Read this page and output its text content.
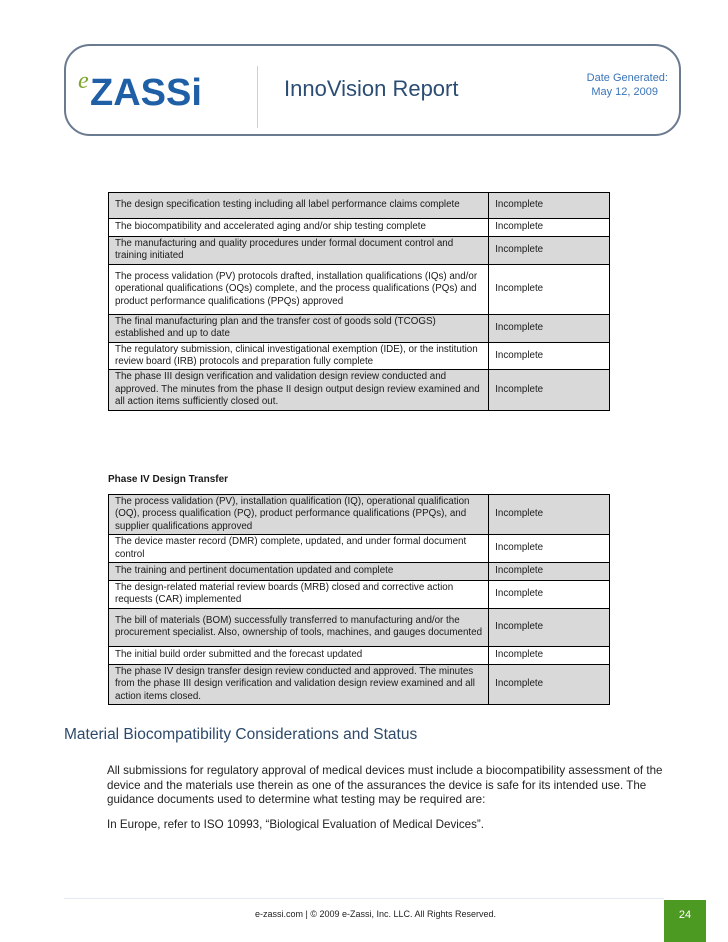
e ZASSi	InnoVision Report	Date Generated:
May 12, 2009
The design specification testing including all label performance claims complete	Incomplete
The biocompatibility and accelerated aging and/or ship testing complete	Incomplete
The manufacturing and quality procedures under formal document control and training initiated	Incomplete
The process validation (PV) protocols drafted, installation qualifications (IQs) and/or operational qualifications (OQs) complete, and the process qualifications (PQs) and product performance qualifications (PPQs) approved	Incomplete
The final manufacturing plan and the transfer cost of goods sold (TCOGS) established and up to date	Incomplete
The regulatory submission, clinical investigational exemption (IDE), or the institution review board (IRB) protocols and preparation fully complete	Incomplete
The phase III design verification and validation design review conducted and approved. The minutes from the phase II design output design review examined and all action items sufficiently closed out.	Incomplete
Phase IV Design Transfer
The process validation (PV), installation qualification (IQ), operational qualification (OQ), process qualification (PQ), product performance qualifications (PPQs), and supplier qualifications approved	Incomplete
The device master record (DMR) complete, updated, and under formal document control	Incomplete
The training and pertinent documentation updated and complete	Incomplete
The design-related material review boards (MRB) closed and corrective action requests (CAR) implemented	Incomplete
The bill of materials (BOM) successfully transferred to manufacturing and/or the procurement specialist. Also, ownership of tools, machines, and gauges documented	Incomplete
The initial build order submitted and the forecast updated	Incomplete
The phase IV design transfer design review conducted and approved. The minutes from the phase III design verification and validation design review examined and all action items closed.	Incomplete
Material Biocompatibility Considerations and Status
All submissions for regulatory approval of medical devices must include a biocompatibility assessment of the device and the materials use therein as one of the assurances the device is safe for its intended use. The guidance documents used to determine what testing may be required are:
In Europe, refer to ISO 10993, “Biological Evaluation of Medical Devices”.
e-zassi.com | © 2009 e-Zassi, Inc. LLC. All Rights Reserved.	24
